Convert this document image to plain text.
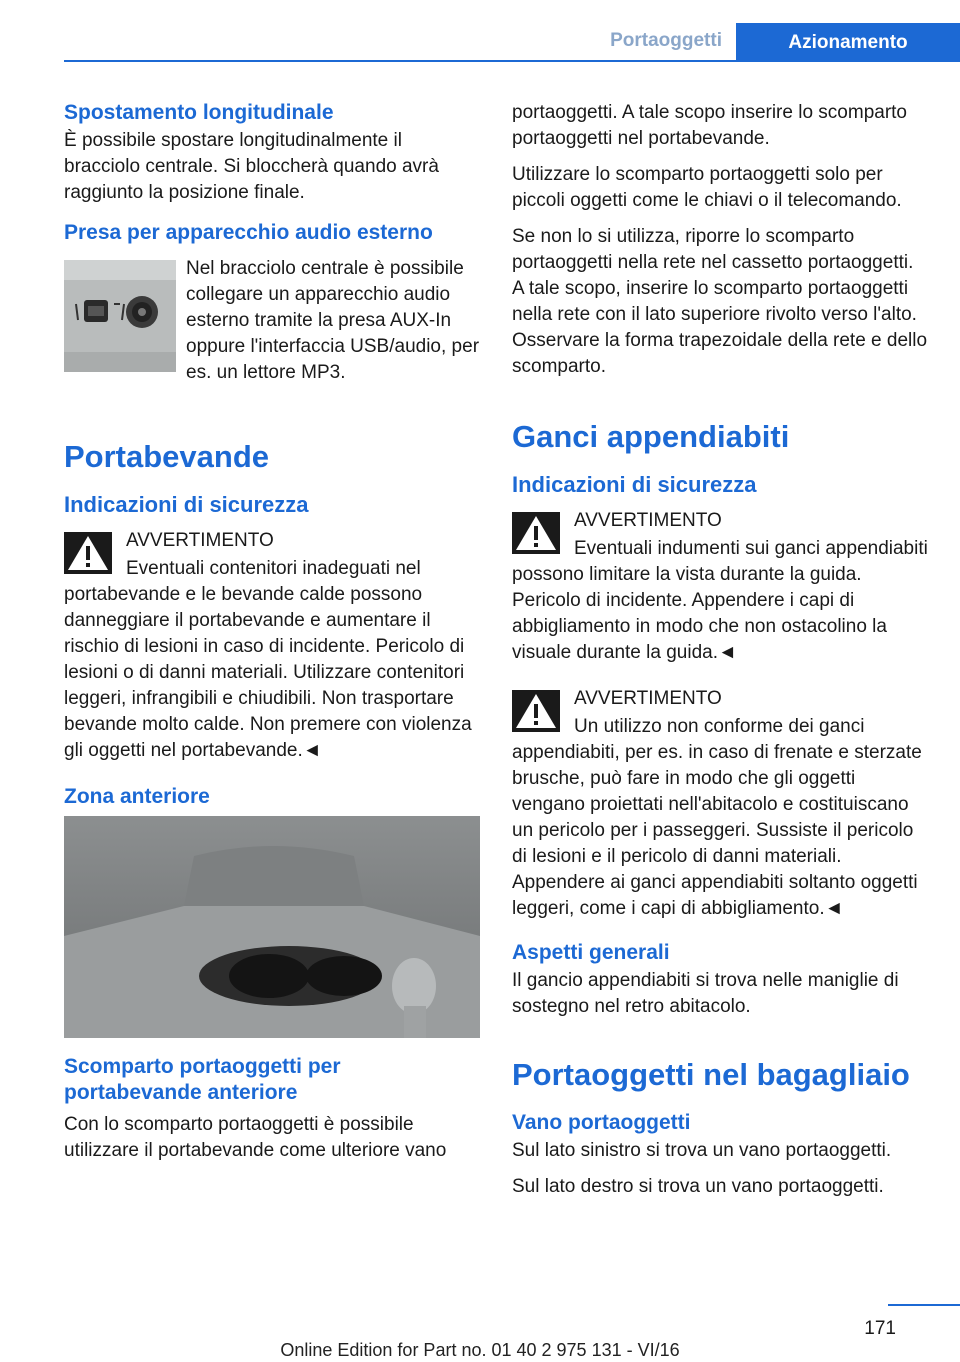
Portaoggetti	Azionamento
Spostamento longitudinale

È possibile spostare longitudinalmente il bracciolo centrale. Si bloccherà quando avrà raggiunto la posizione finale.

Presa per apparecchio audio esterno

Nel bracciolo centrale è possibile collegare un apparecchio audio esterno tramite la presa AUX-In oppure l'interfaccia USB/audio, per es. un lettore MP3.

Portabevande
Indicazioni di sicurezza
AVVERTIMENTO

Eventuali contenitori inadeguati nel portabevande e le bevande calde possono danneggiare il portabevande e aumentare il rischio di lesioni in caso di incidente. Pericolo di lesioni o di danni materiali. Utilizzare contenitori leggeri, infrangibili e chiudibili. Non trasportare bevande molto calde. Non premere con violenza gli oggetti nel portabevande.◄

Zona anteriore
Scomparto portaoggetti per portabevande anteriore

Con lo scomparto portaoggetti è possibile utilizzare il portabevande come ulteriore vano

portaoggetti. A tale scopo inserire lo scomparto portaoggetti nel portabevande.

Utilizzare lo scomparto portaoggetti solo per piccoli oggetti come le chiavi o il telecomando.

Se non lo si utilizza, riporre lo scomparto portaoggetti nella rete nel cassetto portaoggetti. A tale scopo, inserire lo scomparto portaoggetti nella rete con il lato superiore rivolto verso l'alto. Osservare la forma trapezoidale della rete e dello scomparto.

Ganci appendiabiti
Indicazioni di sicurezza
AVVERTIMENTO

Eventuali indumenti sui ganci appendiabiti possono limitare la vista durante la guida. Pericolo di incidente. Appendere i capi di abbigliamento in modo che non ostacolino la visuale durante la guida.◄

AVVERTIMENTO

Un utilizzo non conforme dei ganci appendiabiti, per es. in caso di frenate e sterzate brusche, può fare in modo che gli oggetti vengano proiettati nell'abitacolo e costituiscano un pericolo per i passeggeri. Sussiste il pericolo di lesioni e il pericolo di danni materiali. Appendere ai ganci appendiabiti soltanto oggetti leggeri, come i capi di abbigliamento.◄

Aspetti generali

Il gancio appendiabiti si trova nelle maniglie di sostegno nel retro abitacolo.

Portaoggetti nel bagagliaio
Vano portaoggetti

Sul lato sinistro si trova un vano portaoggetti.

Sul lato destro si trova un vano portaoggetti.

171
Online Edition for Part no. 01 40 2 975 131 - VI/16
